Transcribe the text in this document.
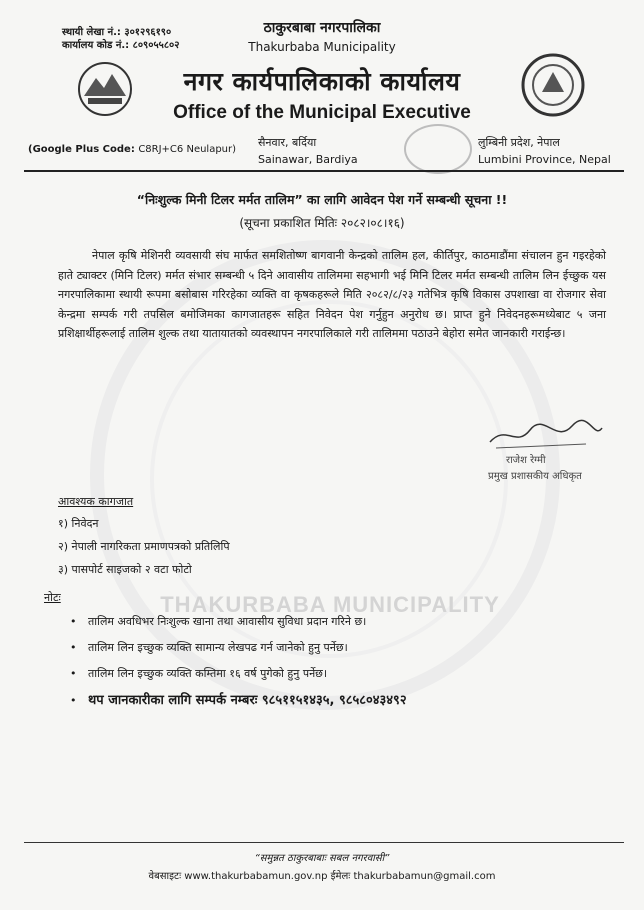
THAKURBABA MUNICIPALITY
स्थायी लेखा नं.: ३०१२९६१९०
कार्यालय कोड नं.: ८०९०५५८०२
ठाकुरबाबा नगरपालिका
Thakurbaba Municipality
नगर कार्यपालिकाको कार्यालय
Office of the Municipal Executive
(Google Plus Code: C8RJ+C6 Neulapur)
सैनवार, बर्दिया
Sainawar, Bardiya
लुम्बिनी प्रदेश, नेपाल
Lumbini Province, Nepal
“निःशुल्क मिनी टिलर मर्मत तालिम” का लागि आवेदन पेश गर्ने सम्बन्धी सूचना !!
(सूचना प्रकाशित मितिः २०८२।०८।१६)
नेपाल कृषि मेशिनरी व्यवसायी संघ मार्फत समशितोष्ण बागवानी केन्द्रको तालिम हल, कीर्तिपुर, काठमाडौंमा संचालन हुन गइरहेको हाते ट्याक्टर (मिनि टिलर) मर्मत संभार सम्बन्धी ५ दिने आवासीय तालिममा सहभागी भई मिनि टिलर मर्मत सम्बन्धी तालिम लिन ईच्छुक यस नगरपालिकामा स्थायी रूपमा बसोबास गरिरहेका व्यक्ति वा कृषकहरूले मिति २०८२/८/२३ गतेभित्र कृषि विकास उपशाखा वा रोजगार सेवा केन्द्रमा सम्पर्क गरी तपसिल बमोजिमका कागजातहरू सहित निवेदन पेश गर्नुहुन अनुरोध छ। प्राप्त हुने निवेदनहरूमध्येबाट ५ जना प्रशिक्षार्थीहरूलाई तालिम शुल्क तथा यातायातको व्यवस्थापन नगरपालिकाले गरी तालिममा पठाउने बेहोरा समेत जानकारी गराईन्छ।
राजेश रेग्मी
प्रमुख प्रशासकीय अधिकृत
आवश्यक कागजात
१) निवेदन
२) नेपाली नागरिकता प्रमाणपत्रको प्रतिलिपि
३) पासपोर्ट साइजको २ वटा फोटो
नोटः
• तालिम अवधिभर निःशुल्क खाना तथा आवासीय सुविधा प्रदान गरिने छ।
• तालिम लिन इच्छुक व्यक्ति सामान्य लेखपढ गर्न जानेको हुनु पर्नेछ।
• तालिम लिन इच्छुक व्यक्ति कम्तिमा १६ वर्ष पुगेको हुनु पर्नेछ।
• थप जानकारीका लागि सम्पर्क नम्बरः ९८५११५१४३५, ९८५८०४३४९२
“समुन्नत ठाकुरबाबाः सबल नगरवासी”
वेबसाइटः www.thakurbabamun.gov.np ईमेलः thakurbabamun@gmail.com
